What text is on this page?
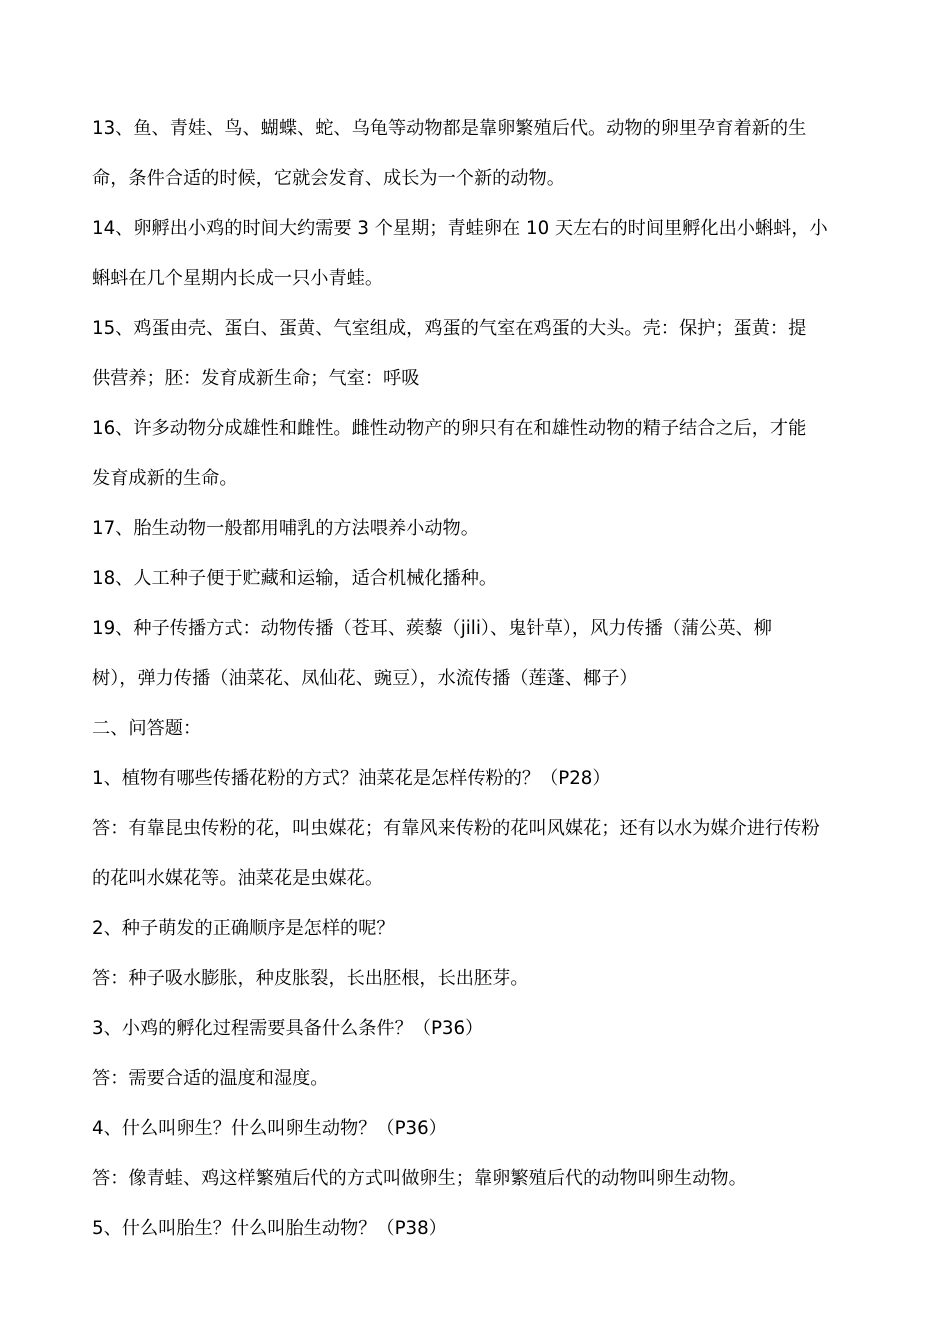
13、鱼、青娃、鸟、蝴蝶、蛇、乌龟等动物都是靠卵繁殖后代。动物的卵里孕育着新的生
命，条件合适的时候，它就会发育、成长为一个新的动物。
14、卵孵出小鸡的时间大约需要 3 个星期；青蛙卵在 10 天左右的时间里孵化出小蝌蚪，小
蝌蚪在几个星期内长成一只小青蛙。
15、鸡蛋由壳、蛋白、蛋黄、气室组成，鸡蛋的气室在鸡蛋的大头。壳：保护；蛋黄：提
供营养；胚：发育成新生命；气室：呼吸
16、许多动物分成雄性和雌性。雌性动物产的卵只有在和雄性动物的精子结合之后，才能
发育成新的生命。
17、胎生动物一般都用哺乳的方法喂养小动物。
18、人工种子便于贮藏和运输，适合机械化播种。
19、种子传播方式：动物传播（苍耳、蒺藜（jili）、鬼针草），风力传播（蒲公英、柳
树），弹力传播（油菜花、凤仙花、豌豆），水流传播（莲蓬、椰子）
二、问答题：
1、植物有哪些传播花粉的方式？油菜花是怎样传粉的？（P28）
答：有靠昆虫传粉的花，叫虫媒花；有靠风来传粉的花叫风媒花；还有以水为媒介进行传粉
的花叫水媒花等。油菜花是虫媒花。
2、种子萌发的正确顺序是怎样的呢？
答：种子吸水膨胀，种皮胀裂，长出胚根，长出胚芽。
3、小鸡的孵化过程需要具备什么条件？（P36）
答：需要合适的温度和湿度。
4、什么叫卵生？什么叫卵生动物？（P36）
答：像青蛙、鸡这样繁殖后代的方式叫做卵生；靠卵繁殖后代的动物叫卵生动物。
5、什么叫胎生？什么叫胎生动物？（P38）
